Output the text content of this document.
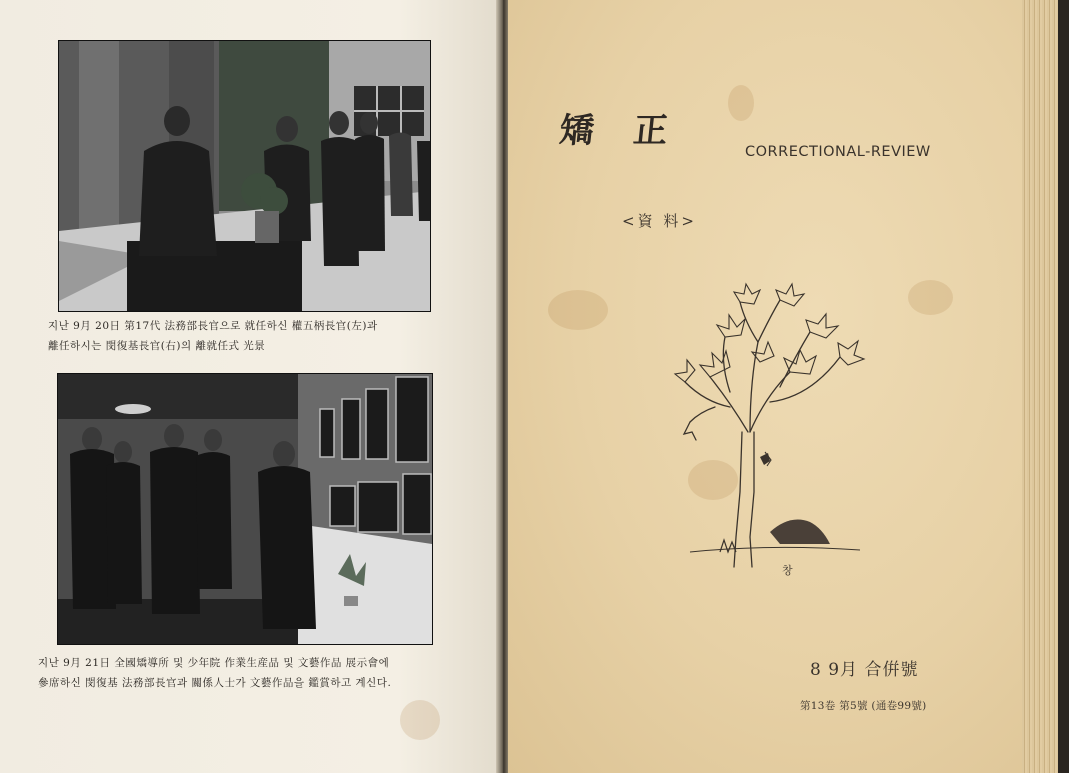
지난 9月 20日 第17代 法務部長官으로 就任하신 權五柄長官(左)과
離任하시는 閔復基長官(右)의 離就任式 光景
지난 9月 21日 全國矯導所 및 少年院 作業生産品 및 文藝作品 展示會에
參席하신 閔復基 法務部長官과 關係人士가 文藝作品을 鑑賞하고 계신다.
矯 正
CORRECTIONAL-REVIEW
<資 料>
창
8 9月 合倂號
第13卷 第5號 (通卷99號)
